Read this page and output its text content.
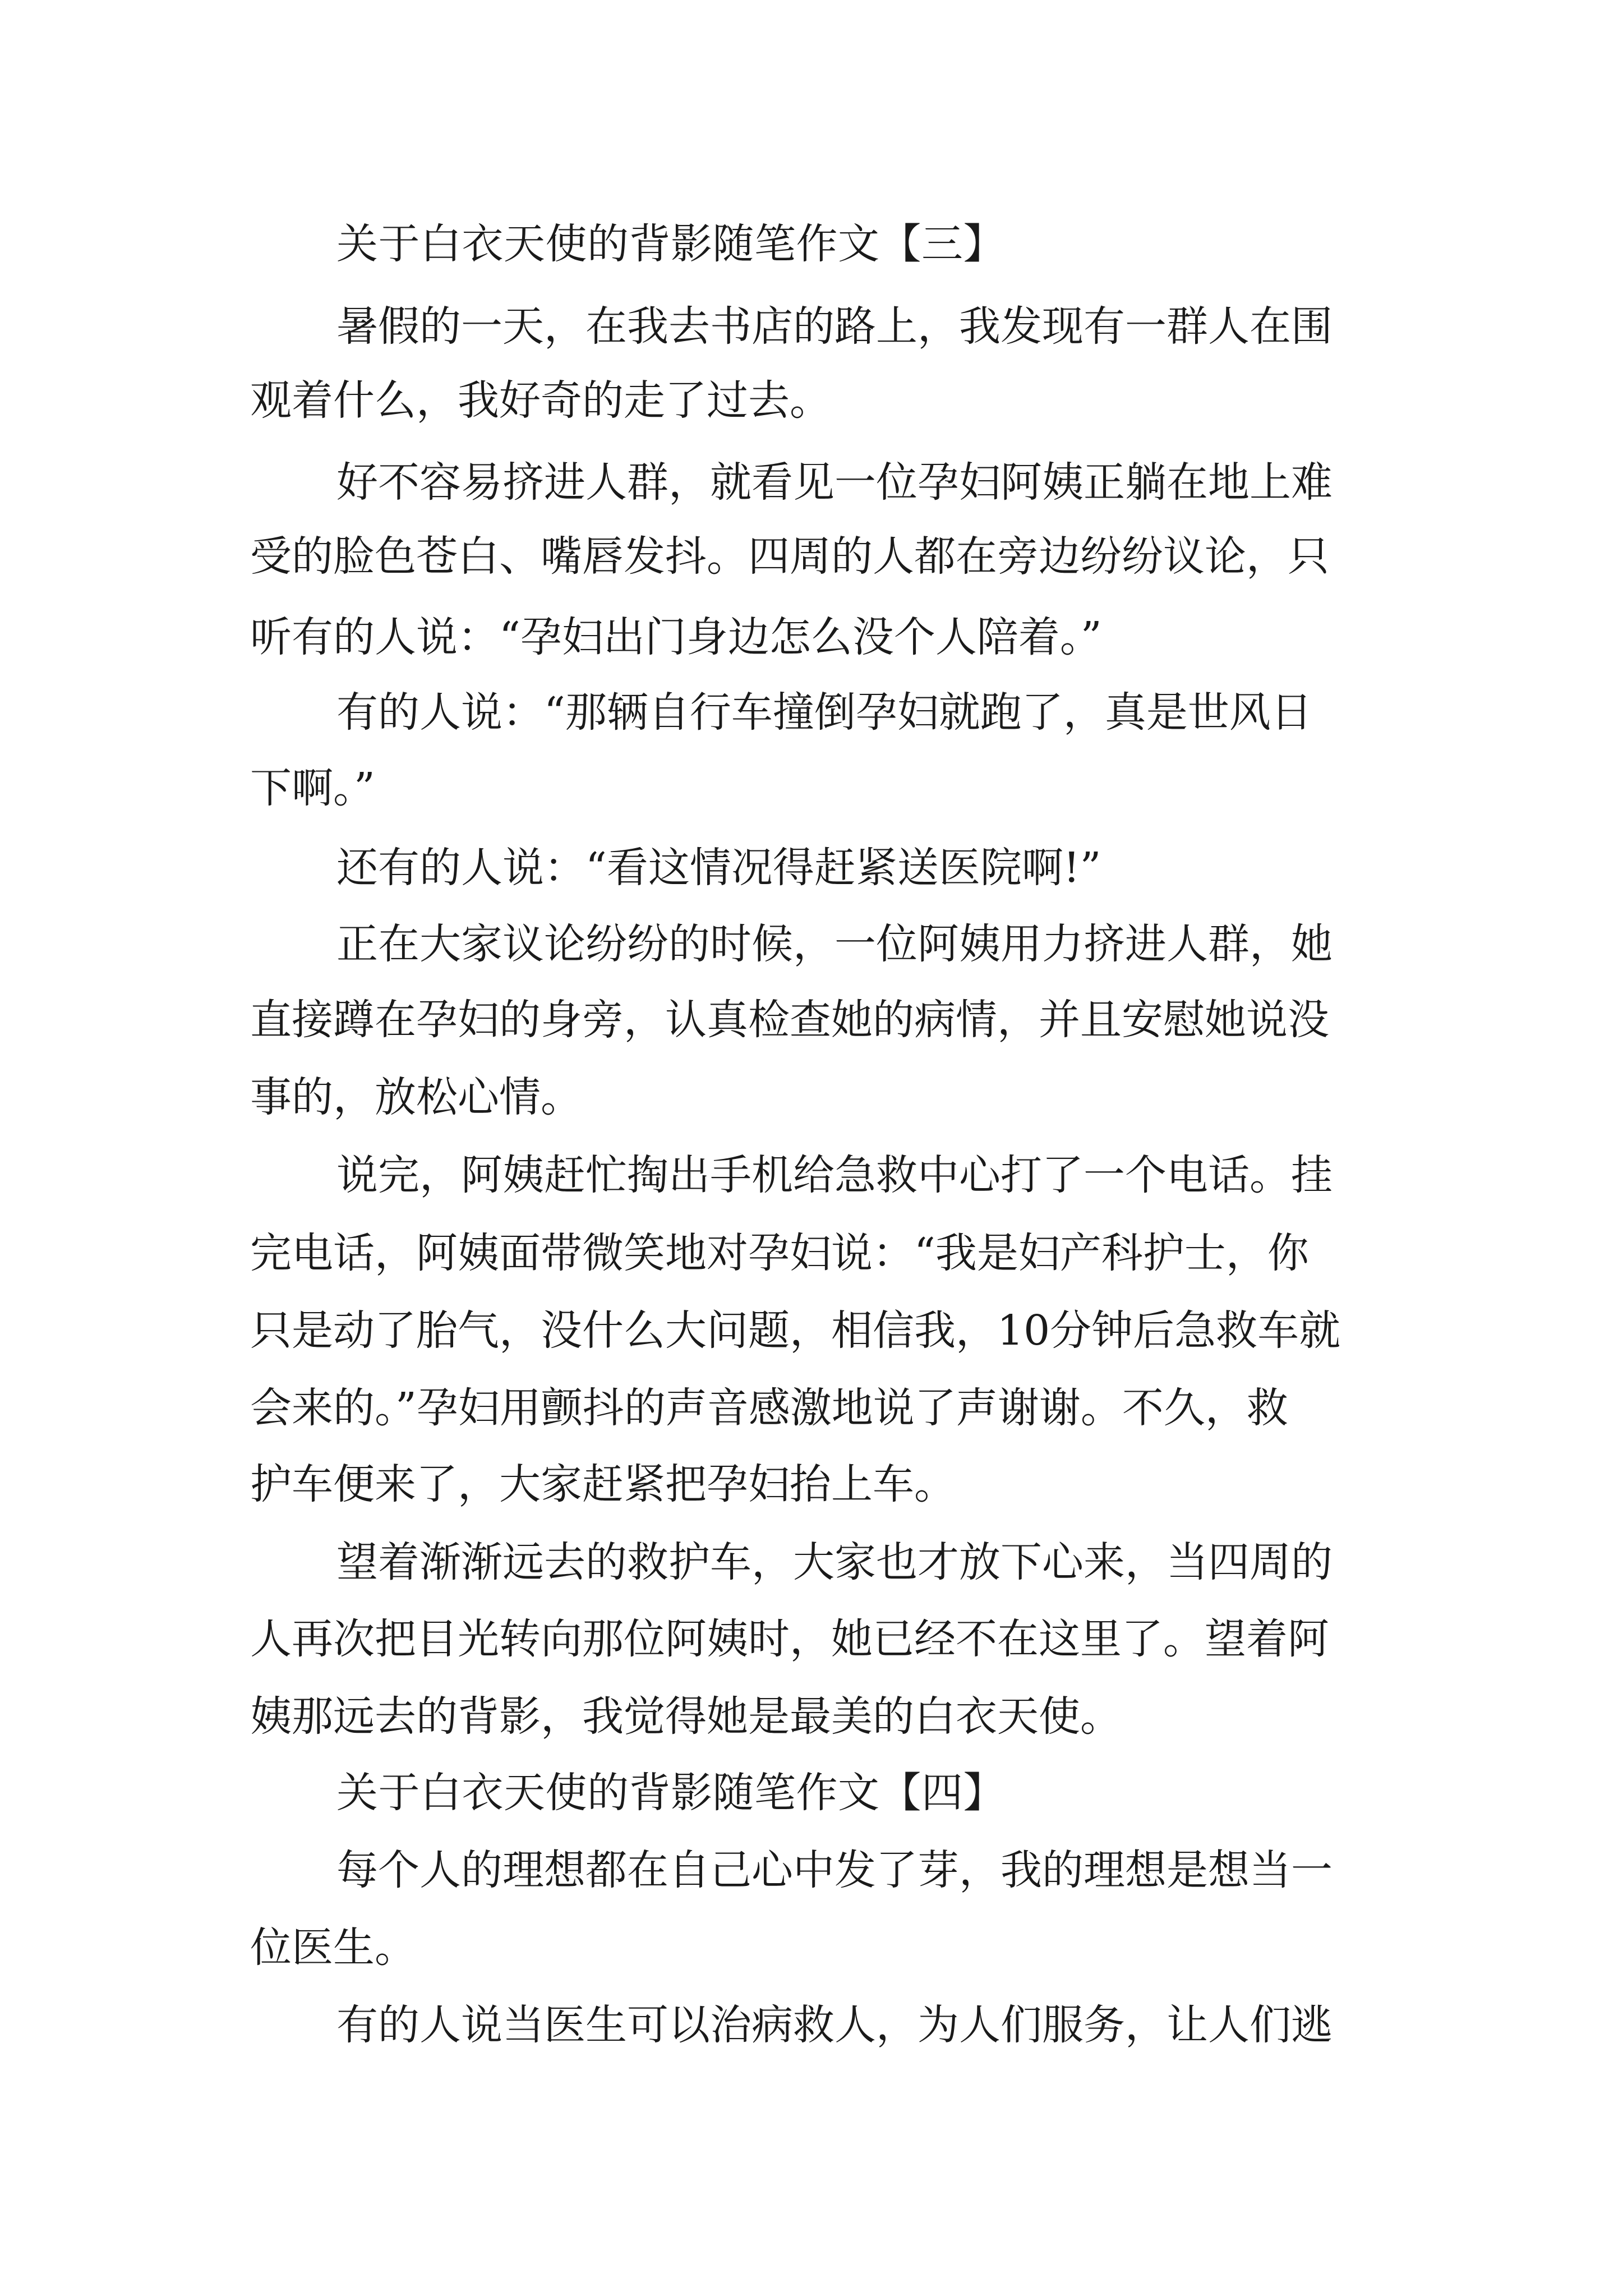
关于白衣天使的背影随笔作文【三】

暑假的一天，在我去书店的路上，我发现有一群人在围

观着什么，我好奇的走了过去。

好不容易挤进人群，就看见一位孕妇阿姨正躺在地上难

受的脸色苍白、嘴唇发抖。四周的人都在旁边纷纷议论，只

听有的人说：“孕妇出门身边怎么没个人陪着。”

有的人说：“那辆自行车撞倒孕妇就跑了，真是世风日

下啊。”

还有的人说：“看这情况得赶紧送医院啊!”

正在大家议论纷纷的时候，一位阿姨用力挤进人群，她

直接蹲在孕妇的身旁，认真检查她的病情，并且安慰她说没

事的，放松心情。

说完，阿姨赶忙掏出手机给急救中心打了一个电话。挂

完电话，阿姨面带微笑地对孕妇说：“我是妇产科护士，你

只是动了胎气，没什么大问题，相信我，10分钟后急救车就

会来的。”孕妇用颤抖的声音感激地说了声谢谢。不久，救

护车便来了，大家赶紧把孕妇抬上车。

望着渐渐远去的救护车，大家也才放下心来，当四周的

人再次把目光转向那位阿姨时，她已经不在这里了。望着阿

姨那远去的背影，我觉得她是最美的白衣天使。

关于白衣天使的背影随笔作文【四】

每个人的理想都在自己心中发了芽，我的理想是想当一

位医生。

有的人说当医生可以治病救人，为人们服务，让人们逃
